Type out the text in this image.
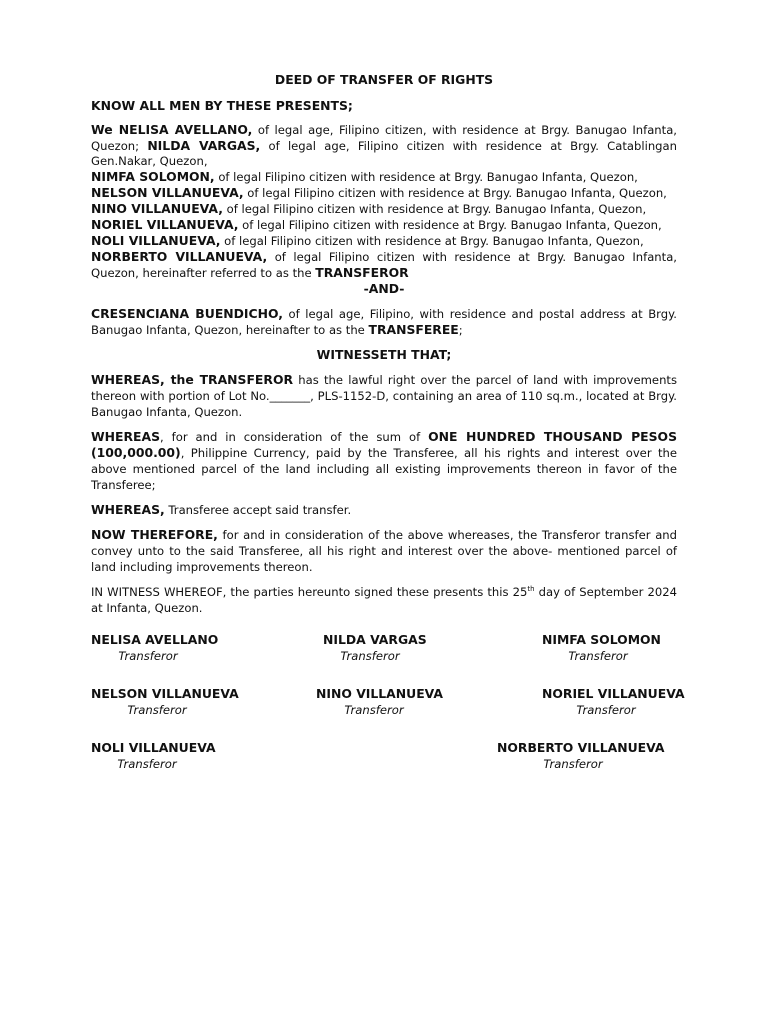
DEED OF TRANSFER OF RIGHTS

KNOW ALL MEN BY THESE PRESENTS;

We NELISA AVELLANO, of legal age, Filipino citizen, with residence at Brgy. Banugao Infanta, Quezon; NILDA VARGAS, of legal age, Filipino citizen with residence at Brgy. Catablingan Gen.Nakar, Quezon,

NIMFA SOLOMON, of legal Filipino citizen with residence at Brgy. Banugao Infanta, Quezon,

NELSON VILLANUEVA, of legal Filipino citizen with residence at Brgy. Banugao Infanta, Quezon,

NINO VILLANUEVA, of legal Filipino citizen with residence at Brgy. Banugao Infanta, Quezon,

NORIEL VILLANUEVA, of legal Filipino citizen with residence at Brgy. Banugao Infanta, Quezon,

NOLI VILLANUEVA, of legal Filipino citizen with residence at Brgy. Banugao Infanta, Quezon,

NORBERTO VILLANUEVA, of legal Filipino citizen with residence at Brgy. Banugao Infanta, Quezon, hereinafter referred to as the TRANSFEROR

-AND-

CRESENCIANA BUENDICHO, of legal age, Filipino, with residence and postal address at Brgy. Banugao Infanta, Quezon, hereinafter to as the TRANSFEREE;

WITNESSETH THAT;

WHEREAS, the TRANSFEROR has the lawful right over the parcel of land with improvements thereon with portion of Lot No._______, PLS-1152-D, containing an area of 110 sq.m., located at Brgy. Banugao Infanta, Quezon.

WHEREAS, for and in consideration of the sum of ONE HUNDRED THOUSAND PESOS (100,000.00), Philippine Currency, paid by the Transferee, all his rights and interest over the above mentioned parcel of the land including all existing improvements thereon in favor of the Transferee;

WHEREAS, Transferee accept said transfer.

NOW THEREFORE, for and in consideration of the above whereases, the Transferor transfer and convey unto to the said Transferee, all his right and interest over the above- mentioned parcel of land including improvements thereon.

IN WITNESS WHEREOF, the parties hereunto signed these presents this 25th day of September 2024 at Infanta, Quezon.

NELISA AVELLANO
Transferor
NILDA VARGAS
Transferor
NIMFA SOLOMON
Transferor
NELSON VILLANUEVA
Transferor
NINO VILLANUEVA
Transferor
NORIEL VILLANUEVA
Transferor
NOLI VILLANUEVA
Transferor
NORBERTO VILLANUEVA
Transferor
